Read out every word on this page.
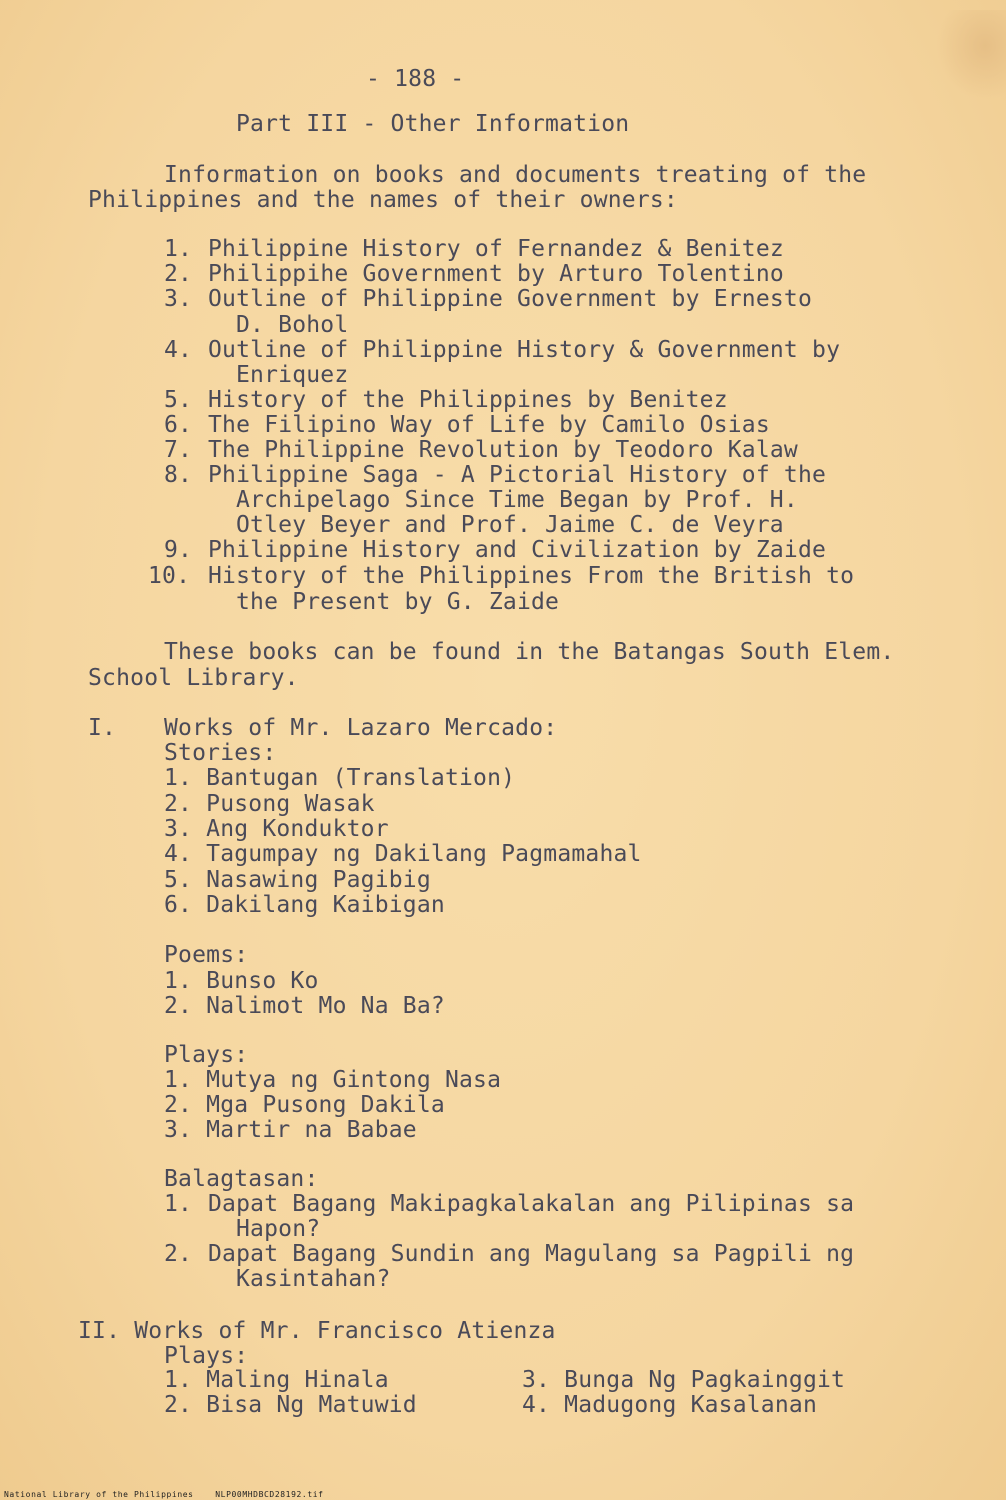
- 188 -
Part III - Other Information
Information on books and documents treating of the
Philippines and the names of their owners:
1. Philippine History of Fernandez & Benitez
2. Philippihe Government by Arturo Tolentino
3. Outline of Philippine Government by Ernesto
D. Bohol
4. Outline of Philippine History & Government by
Enriquez
5. History of the Philippines by Benitez
6. The Filipino Way of Life by Camilo Osias
7. The Philippine Revolution by Teodoro Kalaw
8. Philippine Saga - A Pictorial History of the
Archipelago Since Time Began by Prof. H.
Otley Beyer and Prof. Jaime C. de Veyra
9. Philippine History and Civilization by Zaide
10. History of the Philippines From the British to
the Present by G. Zaide
These books can be found in the Batangas South Elem.
School Library.
I. Works of Mr. Lazaro Mercado:
Stories:
1. Bantugan (Translation)
2. Pusong Wasak
3. Ang Konduktor
4. Tagumpay ng Dakilang Pagmamahal
5. Nasawing Pagibig
6. Dakilang Kaibigan
Poems:
1. Bunso Ko
2. Nalimot Mo Na Ba?
Plays:
1. Mutya ng Gintong Nasa
2. Mga Pusong Dakila
3. Martir na Babae
Balagtasan:
1. Dapat Bagang Makipagkalakalan ang Pilipinas sa
Hapon?
2. Dapat Bagang Sundin ang Magulang sa Pagpili ng
Kasintahan?
II. Works of Mr. Francisco Atienza
Plays:
1. Maling Hinala
2. Bisa Ng Matuwid
3. Bunga Ng Pagkainggit
4. Madugong Kasalanan
National Library of the Philippines    NLP00MHDBCD28192.tif
